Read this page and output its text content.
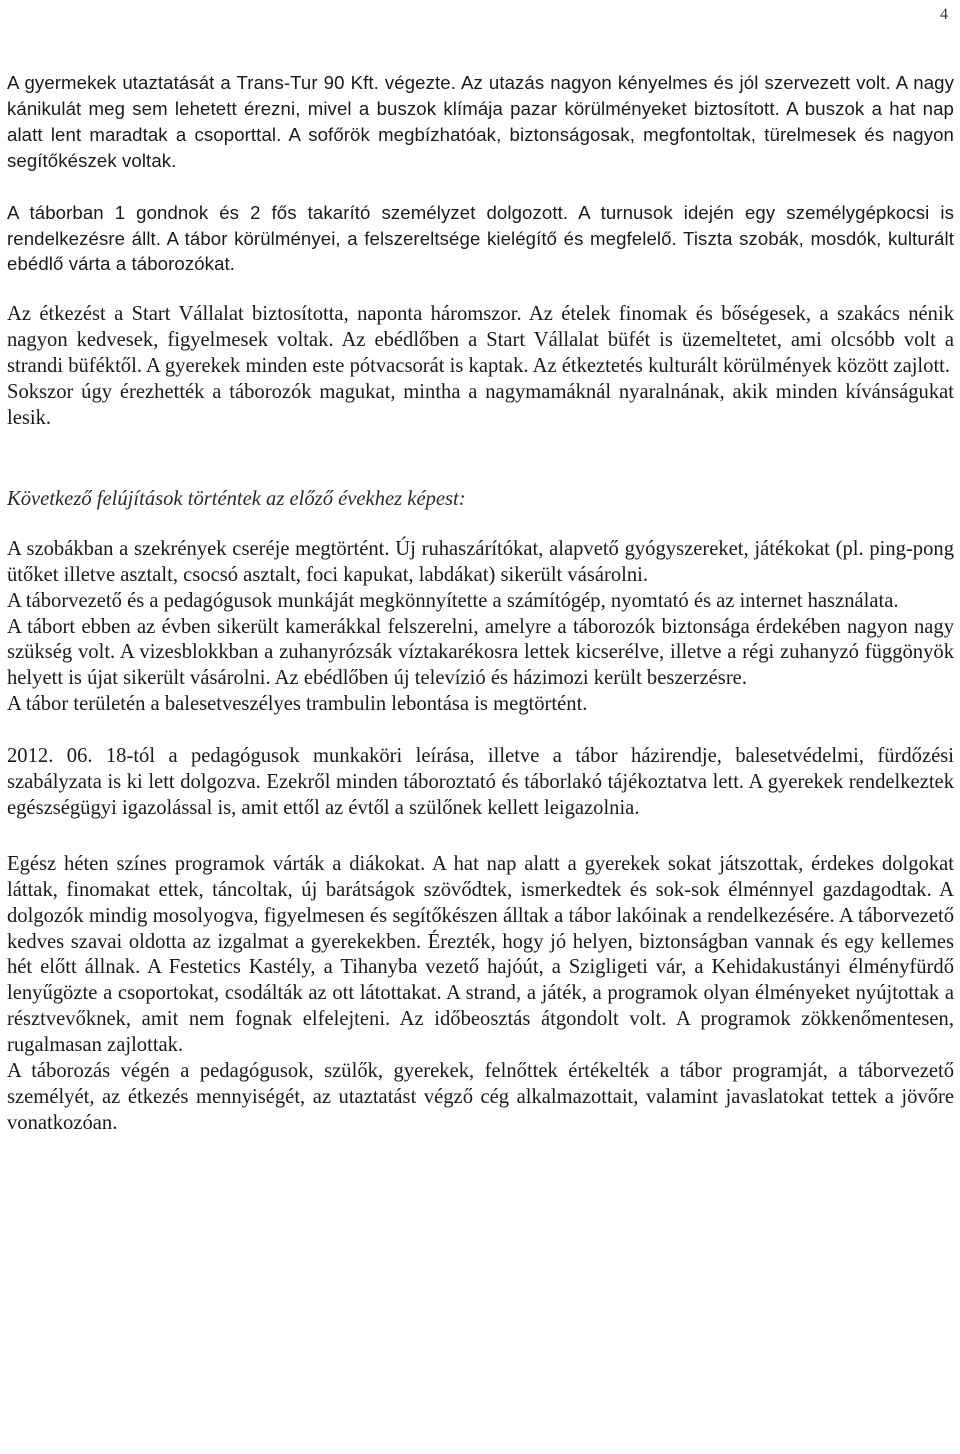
4

A gyermekek utaztatását a Trans-Tur 90 Kft. végezte. Az utazás nagyon kényelmes és jól szervezett volt. A nagy kánikulát meg sem lehetett érezni, mivel a buszok klímája pazar körülményeket biztosított. A buszok a hat nap alatt lent maradtak a csoporttal. A sofőrök megbízhatóak, biztonságosak, megfontoltak, türelmesek és nagyon segítőkészek voltak.

A táborban 1 gondnok és 2 fős takarító személyzet dolgozott. A turnusok idején egy személygépkocsi is rendelkezésre állt. A tábor körülményei, a felszereltsége kielégítő és megfelelő. Tiszta szobák, mosdók, kulturált ebédlő várta a táborozókat.

Az étkezést a Start Vállalat biztosította, naponta háromszor. Az ételek finomak és bőségesek, a szakács nénik nagyon kedvesek, figyelmesek voltak. Az ebédlőben a Start Vállalat büfét is üzemeltetet, ami olcsóbb volt a strandi büféktől. A gyerekek minden este pótvacsorát is kaptak. Az étkeztetés kulturált körülmények között zajlott.

Sokszor úgy érezhették a táborozók magukat, mintha a nagymamáknál nyaralnának, akik minden kívánságukat lesik.

Következő felújítások történtek az előző évekhez képest:

A szobákban a szekrények cseréje megtörtént. Új ruhaszárítókat, alapvető gyógyszereket, játékokat (pl. ping-pong ütőket illetve asztalt, csocsó asztalt, foci kapukat, labdákat) sikerült vásárolni.

A táborvezető és a pedagógusok munkáját megkönnyítette a számítógép, nyomtató és az internet használata.

A tábort ebben az évben sikerült kamerákkal felszerelni, amelyre a táborozók biztonsága érdekében nagyon nagy szükség volt. A vizesblokkban a zuhanyrózsák víztakarékosra lettek kicserélve, illetve a régi zuhanyzó függönyök helyett is újat sikerült vásárolni. Az ebédlőben új televízió és házimozi került beszerzésre.

A tábor területén a balesetveszélyes trambulin lebontása is megtörtént.

2012. 06. 18-tól a pedagógusok munkaköri leírása, illetve a tábor házirendje, balesetvédelmi, fürdőzési szabályzata is ki lett dolgozva. Ezekről minden táboroztató és táborlakó tájékoztatva lett. A gyerekek rendelkeztek egészségügyi igazolással is, amit ettől az évtől a szülőnek kellett leigazolnia.

Egész héten színes programok várták a diákokat. A hat nap alatt a gyerekek sokat játszottak, érdekes dolgokat láttak, finomakat ettek, táncoltak, új barátságok szövődtek, ismerkedtek és sok-sok élménnyel gazdagodtak. A dolgozók mindig mosolyogva, figyelmesen és segítőkészen álltak a tábor lakóinak a rendelkezésére. A táborvezető kedves szavai oldotta az izgalmat a gyerekekben. Érezték, hogy jó helyen, biztonságban vannak és egy kellemes hét előtt állnak. A Festetics Kastély, a Tihanyba vezető hajóút, a Szigligeti vár, a Kehidakustányi élményfürdő lenyűgözte a csoportokat, csodálták az ott látottakat. A strand, a játék, a programok olyan élményeket nyújtottak a résztvevőknek, amit nem fognak elfelejteni. Az időbeosztás átgondolt volt. A programok zökkenőmentesen, rugalmasan zajlottak.

A táborozás végén a pedagógusok, szülők, gyerekek, felnőttek értékelték a tábor programját, a táborvezető személyét, az étkezés mennyiségét, az utaztatást végző cég alkalmazottait, valamint javaslatokat tettek a jövőre vonatkozóan.
